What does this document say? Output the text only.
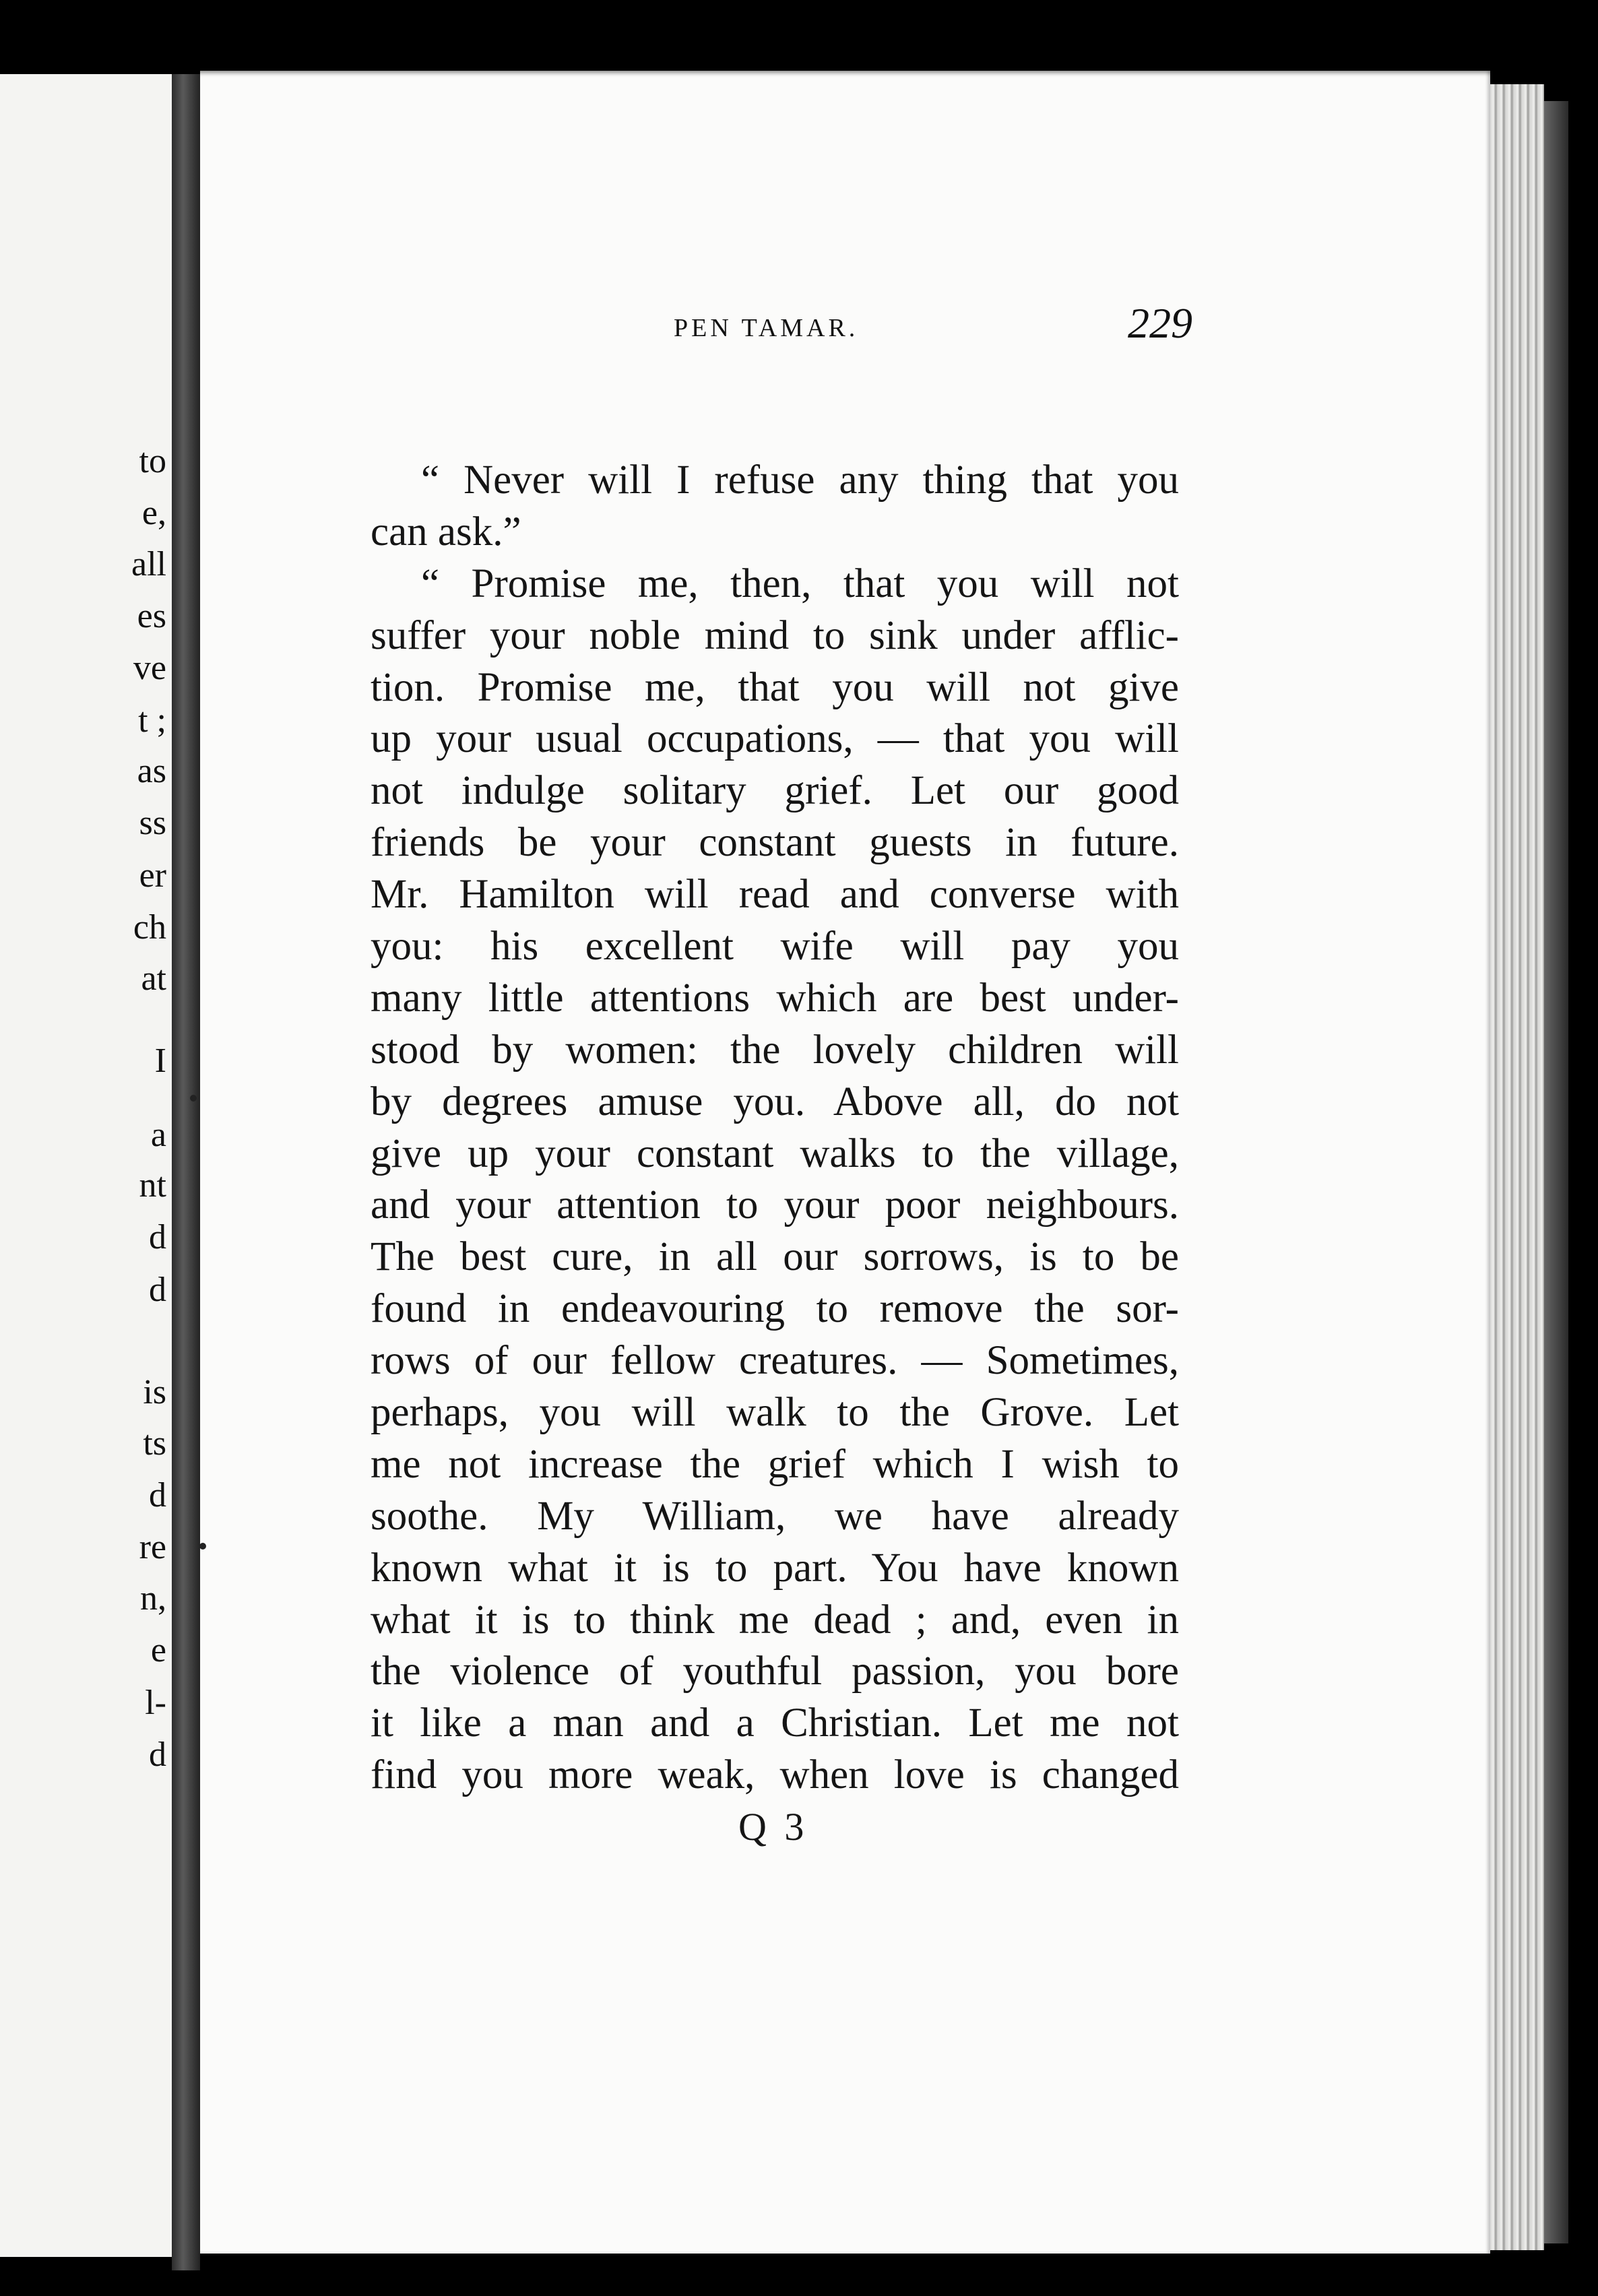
to
e,
all
es
ve
t ;
as
ss
er
ch
at
I
a
nt
d
d
is
ts
d
re
n,
e
l-
d
PEN TAMAR.	229
“ Never will I refuse any thing that you
can ask.”
“ Promise me, then, that you will not
suffer your noble mind to sink under afflic-
tion. Promise me, that you will not give
up your usual occupations, — that you will
not indulge solitary grief. Let our good
friends be your constant guests in future.
Mr. Hamilton will read and converse with
you: his excellent wife will pay you
many little attentions which are best under-
stood by women: the lovely children will
by degrees amuse you. Above all, do not
give up your constant walks to the village,
and your attention to your poor neighbours.
The best cure, in all our sorrows, is to be
found in endeavouring to remove the sor-
rows of our fellow creatures. — Sometimes,
perhaps, you will walk to the Grove. Let
me not increase the grief which I wish to
soothe. My William, we have already
known what it is to part. You have known
what it is to think me dead ; and, even in
the violence of youthful passion, you bore
it like a man and a Christian. Let me not
find you more weak, when love is changed
Q 3
